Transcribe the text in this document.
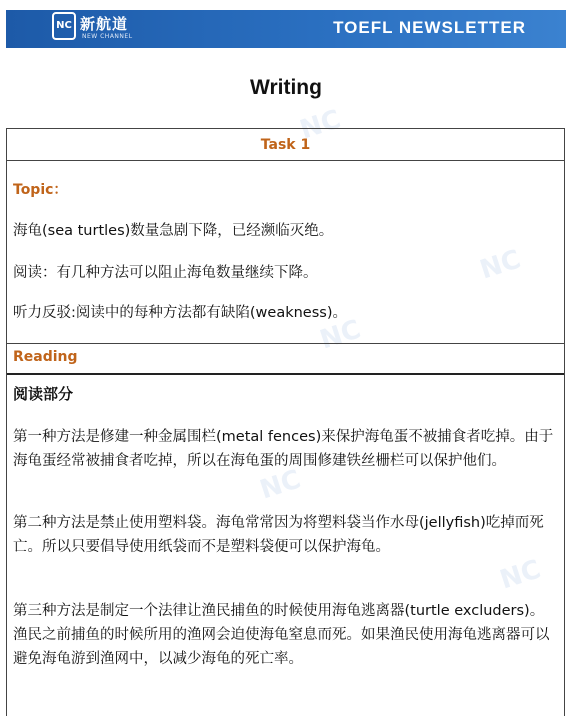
NC 新航道
NEW CHANNEL	TOEFL NEWSLETTER
NC
NC
NC
NC
NC
Writing
Task 1
Topic：
海龟(sea turtles)数量急剧下降，已经濒临灭绝。
阅读：有几种方法可以阻止海龟数量继续下降。
听力反驳:阅读中的每种方法都有缺陷(weakness)。
Reading
阅读部分
第一种方法是修建一种金属围栏(metal fences)来保护海龟蛋不被捕食者吃掉。由于海龟蛋经常被捕食者吃掉，所以在海龟蛋的周围修建铁丝栅栏可以保护他们。
第二种方法是禁止使用塑料袋。海龟常常因为将塑料袋当作水母(jellyfish)吃掉而死亡。所以只要倡导使用纸袋而不是塑料袋便可以保护海龟。
第三种方法是制定一个法律让渔民捕鱼的时候使用海龟逃离器(turtle excluders)。渔民之前捕鱼的时候所用的渔网会迫使海龟窒息而死。如果渔民使用海龟逃离器可以避免海龟游到渔网中，以减少海龟的死亡率。
